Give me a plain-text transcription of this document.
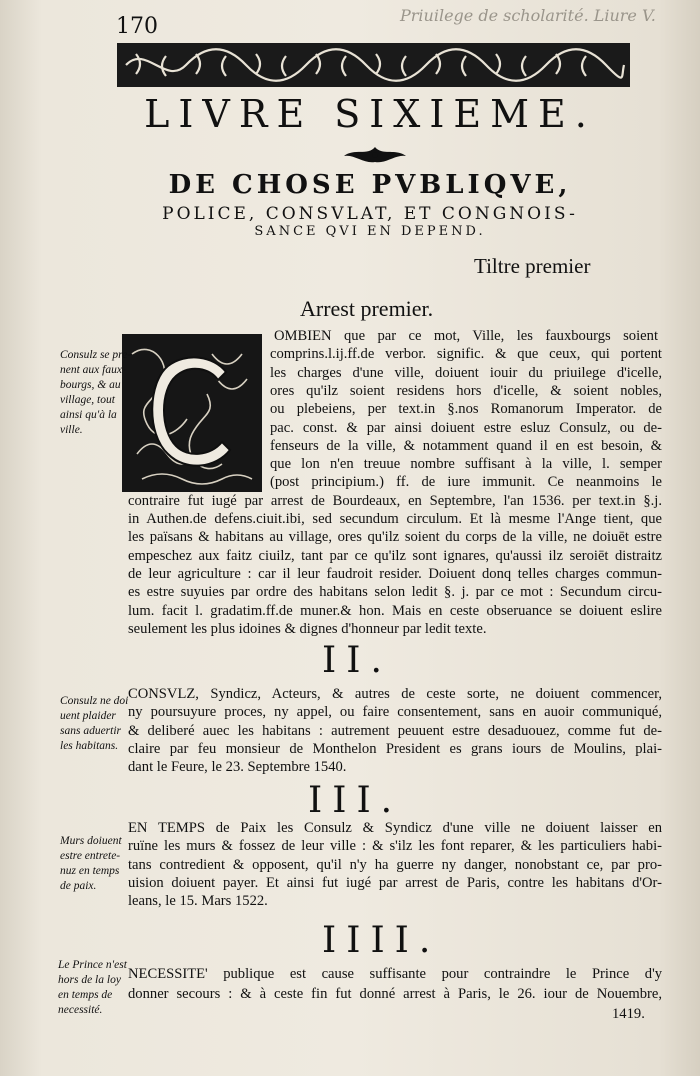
170	Priuilege de scholarité. Liure V.
LIVRE SIXIEME.
DE CHOSE PVBLIQVE,
POLICE, CONSVLAT, ET CONGNOIS-
SANCE QVI EN DEPEND.
Tiltre premier
Arrest premier.
OMBIEN que par ce mot, Ville, les fauxbourgs soient
comprins.l.ij.ff.de verbor. signific. & que ceux, qui portent
les charges d'une ville, doiuent iouir du priuilege d'icelle,
ores qu'ilz soient residens hors d'icelle, & soient nobles,
ou plebeiens, per text.in §.nos Romanorum Imperator. de
pac. const. & par ainsi doiuent estre esluz Consulz, ou de-
fenseurs de la ville, & notamment quand il en est besoin, &
que lon n'en treuue nombre suffisant à la ville, l. semper
(post principium.) ff. de iure immunit. Ce neanmoins le
contraire fut iugé par arrest de Bourdeaux, en Septembre, l'an 1536. per text.in §.j.
in Authen.de defens.ciuit.ibi, sed secundum circulum. Et là mesme l'Ange tient, que
les païsans & habitans au village, ores qu'ilz soient du corps de la ville, ne doiuēt estre
empeschez aux faitz ciuilz, tant par ce qu'ilz sont ignares, qu'aussi ilz seroiēt distraitz
de leur agriculture : car il leur faudroit resider. Doiuent donq telles charges commun-
es estre suyuies par ordre des habitans selon ledit §. j. par ce mot : Secundum circu-
lum. facit l. gradatim.ff.de muner.& hon. Mais en ceste obseruance se doiuent eslire
seulement les plus idoines & dignes d'honneur par ledit texte.
Consulz se pre-
nent aux faux-
bourgs, & au
village, tout
ainsi qu'à la
ville.
II.
CONSVLZ, Syndicz, Acteurs, & autres de ceste sorte, ne doiuent commencer,
ny poursuyure proces, ny appel, ou faire consentement, sans en auoir communiqué,
& deliberé auec les habitans : autrement peuuent estre desaduouez, comme fut de-
claire par feu monsieur de Monthelon President es grans iours de Moulins, plai-
dant le Feure, le 23. Septembre 1540.
Consulz ne doi
uent plaider
sans aduertir
les habitans.
III.
EN TEMPS de Paix les Consulz & Syndicz d'une ville ne doiuent laisser en
ruïne les murs & fossez de leur ville : & s'ilz les font reparer, & les particuliers habi-
tans contredient & opposent, qu'il n'y ha guerre ny danger, nonobstant ce, par pro-
uision doiuent payer. Et ainsi fut iugé par arrest de Paris, contre les habitans d'Or-
leans, le 15. Mars 1522.
Murs doiuent
estre entrete-
nuz en temps
de paix.
IIII.
NECESSITE' publique est cause suffisante pour contraindre le Prince d'y
donner secours : & à ceste fin fut donné arrest à Paris, le 26. iour de Nouembre,
1419.
Le Prince n'est
hors de la loy
en temps de
necessité.
